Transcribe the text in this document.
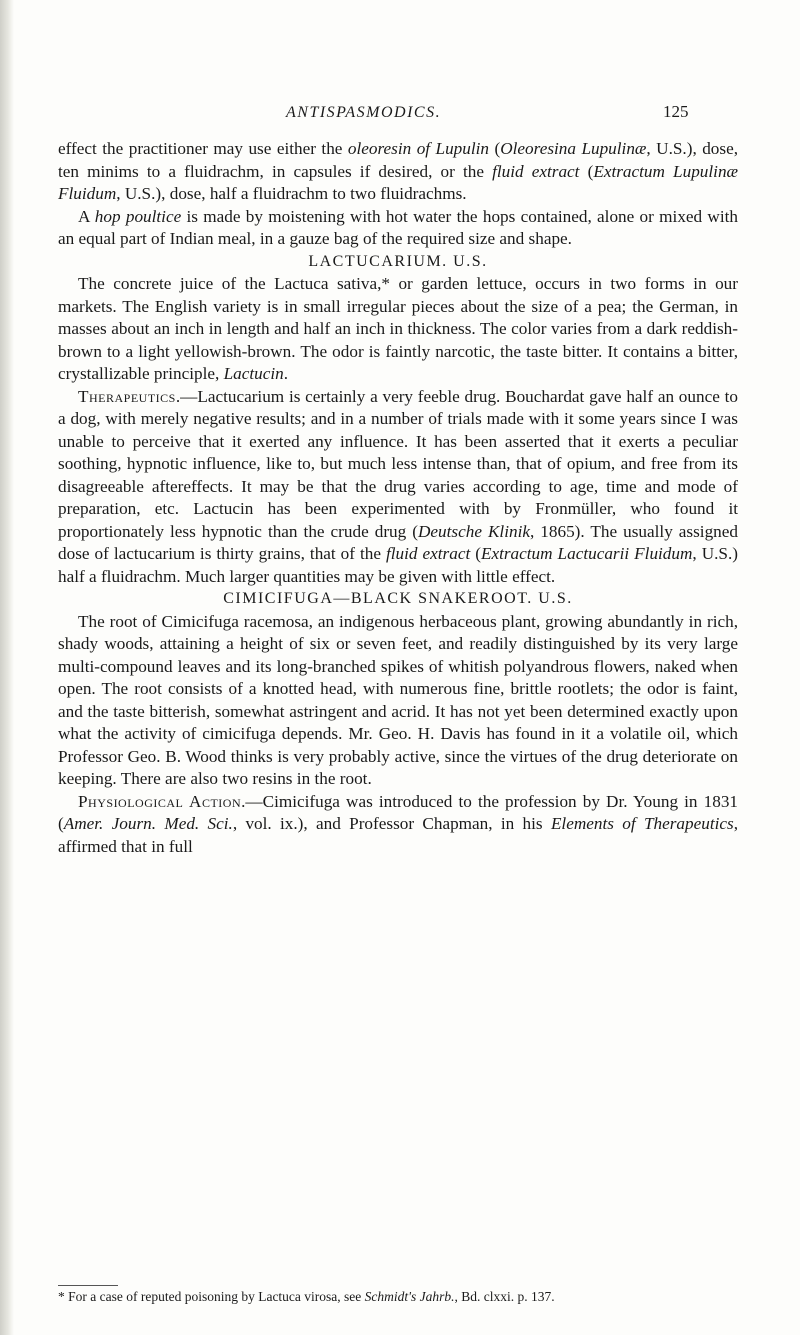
ANTISPASMODICS.	125

effect the practitioner may use either the oleoresin of Lupulin (Oleoresina Lupulinæ, U.S.), dose, ten minims to a fluidrachm, in capsules if desired, or the fluid extract (Extractum Lupulinæ Fluidum, U.S.), dose, half a fluidrachm to two fluidrachms.

A hop poultice is made by moistening with hot water the hops contained, alone or mixed with an equal part of Indian meal, in a gauze bag of the required size and shape.

LACTUCARIUM. U.S.

The concrete juice of the Lactuca sativa,* or garden lettuce, occurs in two forms in our markets. The English variety is in small irregular pieces about the size of a pea; the German, in masses about an inch in length and half an inch in thickness. The color varies from a dark reddish-brown to a light yellowish-brown. The odor is faintly narcotic, the taste bitter. It contains a bitter, crystallizable principle, Lactucin.

Therapeutics.—Lactucarium is certainly a very feeble drug. Bouchardat gave half an ounce to a dog, with merely negative results; and in a number of trials made with it some years since I was unable to perceive that it exerted any influence. It has been asserted that it exerts a peculiar soothing, hypnotic influence, like to, but much less intense than, that of opium, and free from its disagreeable aftereffects. It may be that the drug varies according to age, time and mode of preparation, etc. Lactucin has been experimented with by Fronmüller, who found it proportionately less hypnotic than the crude drug (Deutsche Klinik, 1865). The usually assigned dose of lactucarium is thirty grains, that of the fluid extract (Extractum Lactucarii Fluidum, U.S.) half a fluidrachm. Much larger quantities may be given with little effect.

CIMICIFUGA—BLACK SNAKEROOT. U.S.

The root of Cimicifuga racemosa, an indigenous herbaceous plant, growing abundantly in rich, shady woods, attaining a height of six or seven feet, and readily distinguished by its very large multi-compound leaves and its long-branched spikes of whitish polyandrous flowers, naked when open. The root consists of a knotted head, with numerous fine, brittle rootlets; the odor is faint, and the taste bitterish, somewhat astringent and acrid. It has not yet been determined exactly upon what the activity of cimicifuga depends. Mr. Geo. H. Davis has found in it a volatile oil, which Professor Geo. B. Wood thinks is very probably active, since the virtues of the drug deteriorate on keeping. There are also two resins in the root.

Physiological Action.—Cimicifuga was introduced to the profession by Dr. Young in 1831 (Amer. Journ. Med. Sci., vol. ix.), and Professor Chapman, in his Elements of Therapeutics, affirmed that in full

* For a case of reputed poisoning by Lactuca virosa, see Schmidt's Jahrb., Bd. clxxi. p. 137.
